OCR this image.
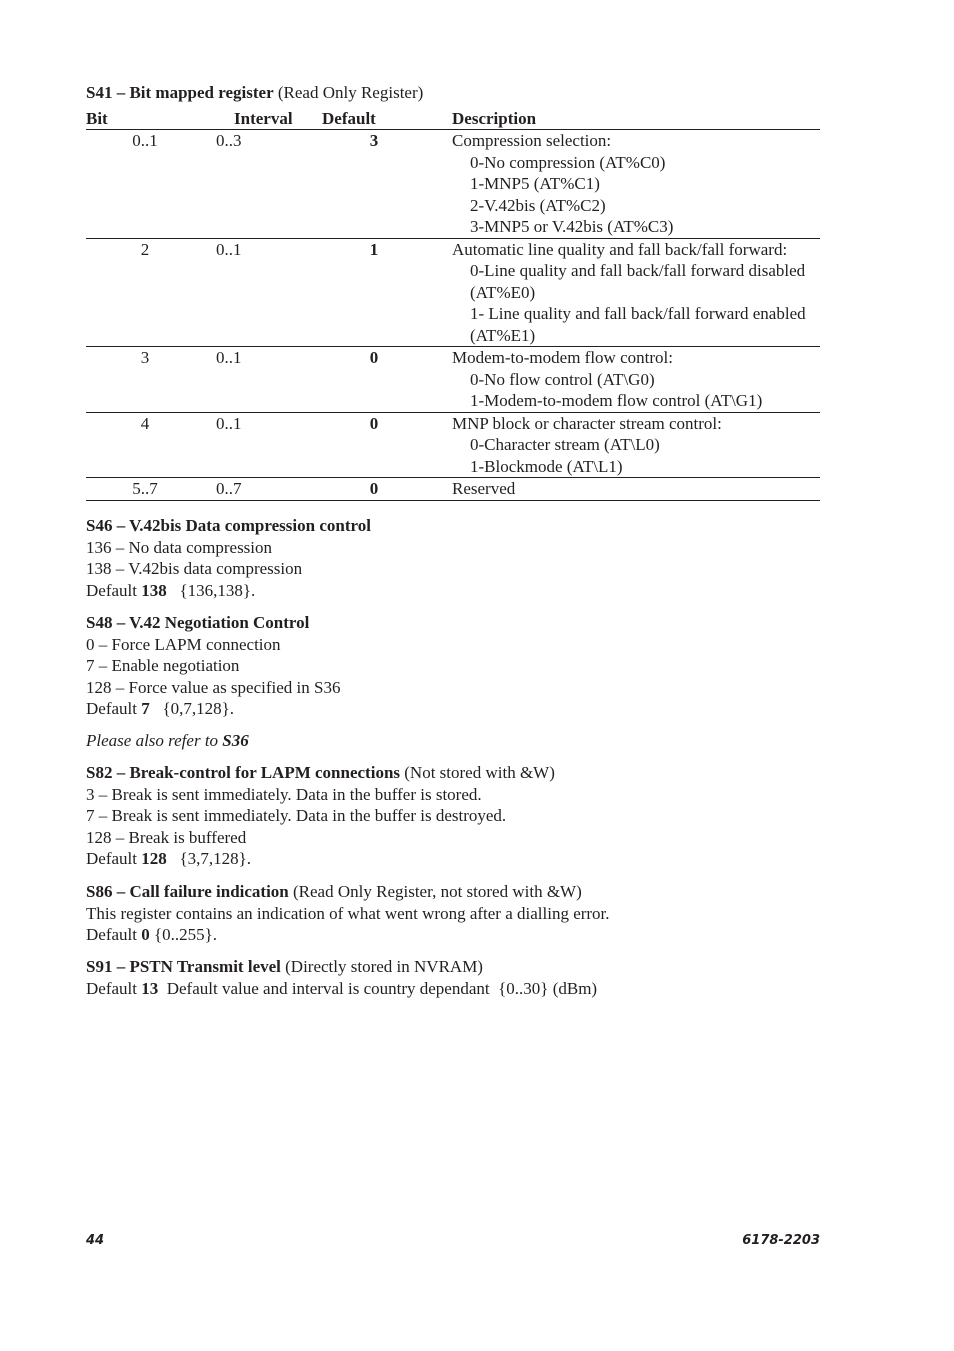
S41 – Bit mapped register (Read Only Register)
Bit	Interval	Default	Description
0..1	0..3	3	Compression selection:
0-No compression (AT%C0)
1-MNP5 (AT%C1)
2-V.42bis (AT%C2)
3-MNP5 or V.42bis (AT%C3)

2	0..1	1	Automatic line quality and fall back/fall forward:
0-Line quality and fall back/fall forward disabled (AT%E0)
1- Line quality and fall back/fall forward enabled (AT%E1)

3	0..1	0	Modem-to-modem flow control:
0-No flow control (AT\G0)
1-Modem-to-modem flow control (AT\G1)

4	0..1	0	MNP block or character stream control:
0-Character stream (AT\L0)
1-Blockmode (AT\L1)

5..7	0..7	0	Reserved
S46 – V.42bis Data compression control
136 – No data compression
138 – V.42bis data compression
Default 138   {136,138}.
S48 – V.42 Negotiation Control
0 – Force LAPM connection
7 – Enable negotiation
128 – Force value as specified in S36
Default 7   {0,7,128}.
Please also refer to S36
S82 – Break-control for LAPM connections (Not stored with &W)
3 – Break is sent immediately. Data in the buffer is stored.
7 – Break is sent immediately. Data in the buffer is destroyed.
128 – Break is buffered
Default 128   {3,7,128}.
S86 – Call failure indication (Read Only Register, not stored with &W)
This register contains an indication of what went wrong after a dialling error.
Default 0 {0..255}.
S91 – PSTN Transmit level (Directly stored in NVRAM)
Default 13  Default value and interval is country dependant  {0..30} (dBm)
44	6178-2203
